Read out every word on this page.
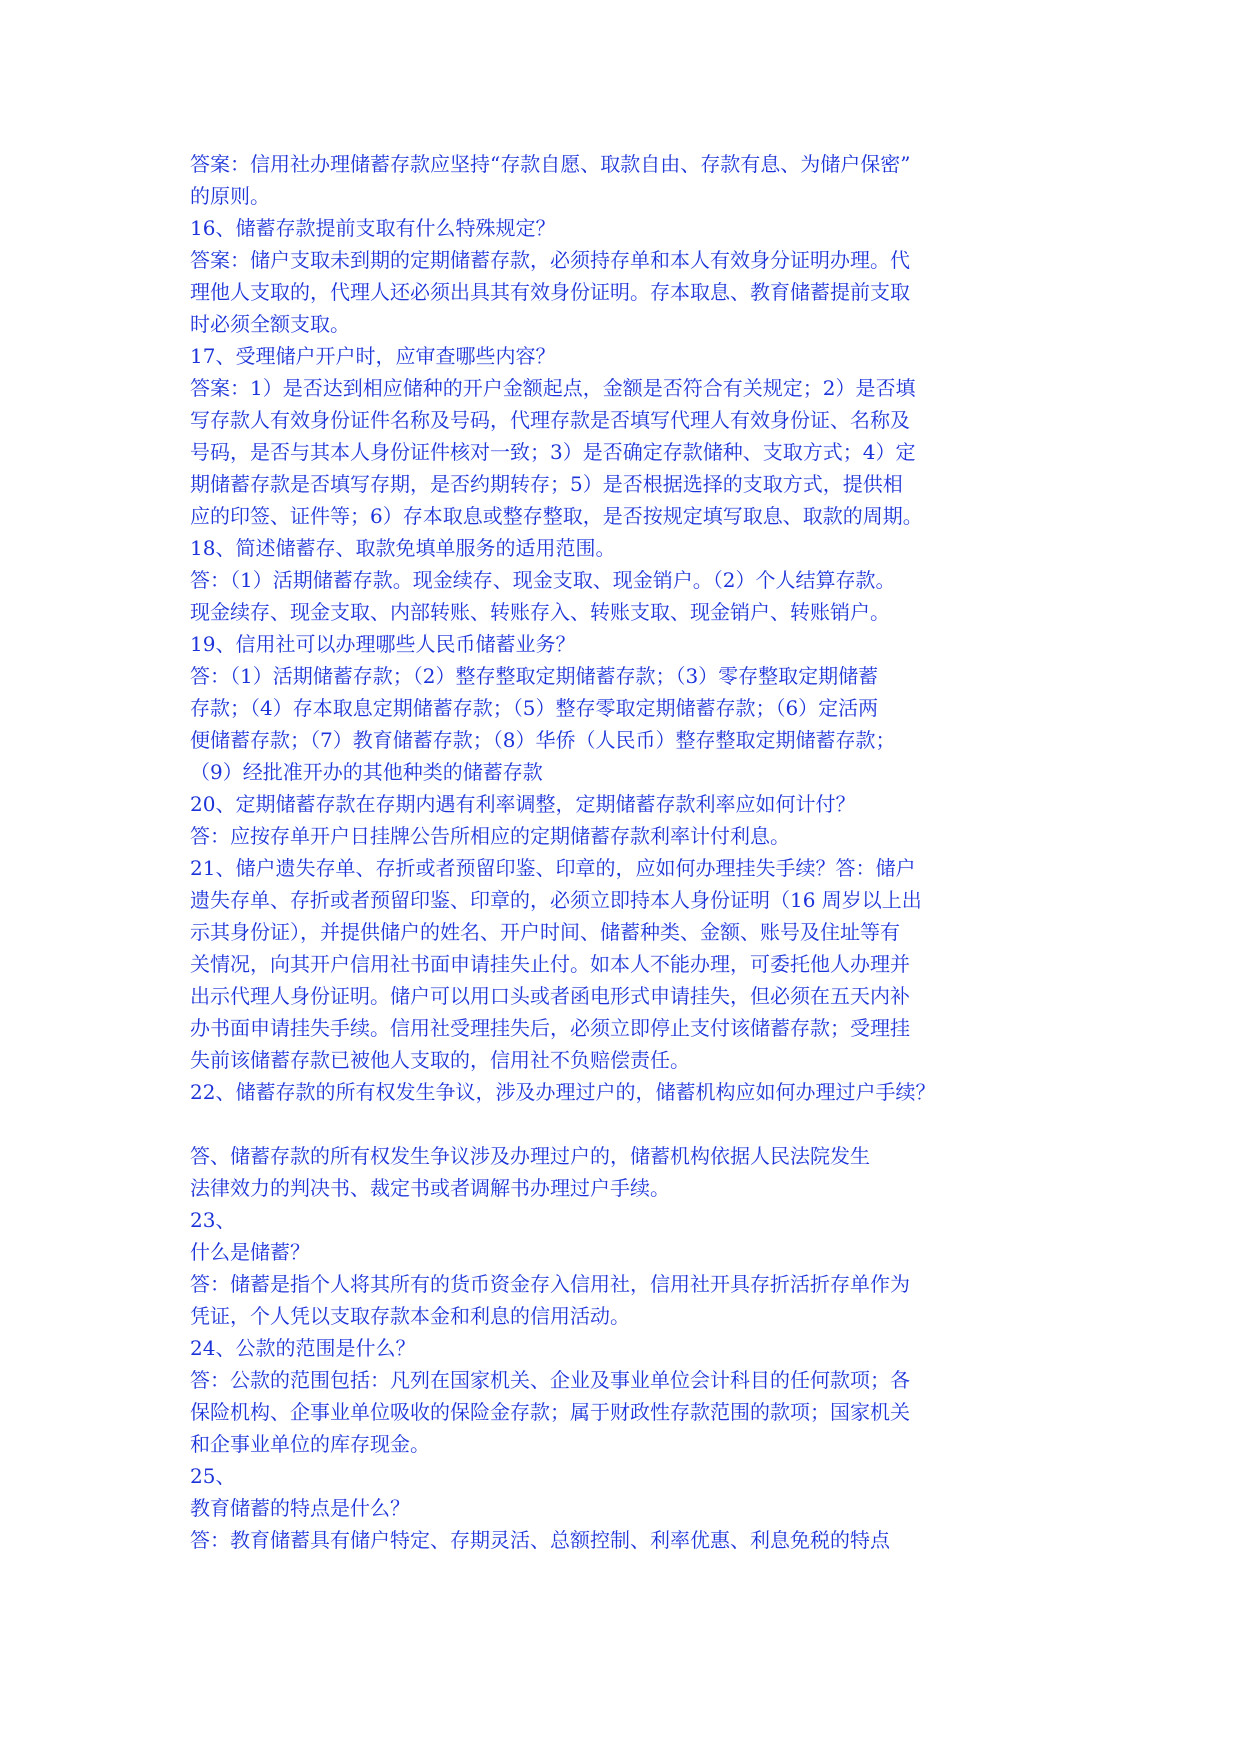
答案：信用社办理储蓄存款应坚持“存款自愿、取款自由、存款有息、为储户保密”

的原则。

16、储蓄存款提前支取有什么特殊规定？

答案：储户支取未到期的定期储蓄存款，必须持存单和本人有效身分证明办理。代

理他人支取的，代理人还必须出具其有效身份证明。存本取息、教育储蓄提前支取

时必须全额支取。

17、受理储户开户时，应审查哪些内容？

答案：1）是否达到相应储种的开户金额起点，金额是否符合有关规定；2）是否填

写存款人有效身份证件名称及号码，代理存款是否填写代理人有效身份证、名称及

号码，是否与其本人身份证件核对一致；3）是否确定存款储种、支取方式；4）定

期储蓄存款是否填写存期，是否约期转存；5）是否根据选择的支取方式，提供相

应的印签、证件等；6）存本取息或整存整取，是否按规定填写取息、取款的周期。

18、简述储蓄存、取款免填单服务的适用范围。

答：（1）活期储蓄存款。现金续存、现金支取、现金销户。（2）个人结算存款。

现金续存、现金支取、内部转账、转账存入、转账支取、现金销户、转账销户。

19、信用社可以办理哪些人民币储蓄业务？

答：（1）活期储蓄存款；（2）整存整取定期储蓄存款；（3）零存整取定期储蓄

存款；（4）存本取息定期储蓄存款；（5）整存零取定期储蓄存款；（6）定活两

便储蓄存款；（7）教育储蓄存款；（8）华侨（人民币）整存整取定期储蓄存款；

（9）经批准开办的其他种类的储蓄存款

20、定期储蓄存款在存期内遇有利率调整，定期储蓄存款利率应如何计付？

答：应按存单开户日挂牌公告所相应的定期储蓄存款利率计付利息。

21、储户遗失存单、存折或者预留印鉴、印章的，应如何办理挂失手续？答：储户

遗失存单、存折或者预留印鉴、印章的，必须立即持本人身份证明（16 周岁以上出

示其身份证），并提供储户的姓名、开户时间、储蓄种类、金额、账号及住址等有

关情况，向其开户信用社书面申请挂失止付。如本人不能办理，可委托他人办理并

出示代理人身份证明。储户可以用口头或者函电形式申请挂失，但必须在五天内补

办书面申请挂失手续。信用社受理挂失后，必须立即停止支付该储蓄存款；受理挂

失前该储蓄存款已被他人支取的，信用社不负赔偿责任。

22、储蓄存款的所有权发生争议，涉及办理过户的，储蓄机构应如何办理过户手续？

答、储蓄存款的所有权发生争议涉及办理过户的，储蓄机构依据人民法院发生

法律效力的判决书、裁定书或者调解书办理过户手续。

23、

什么是储蓄？

答：储蓄是指个人将其所有的货币资金存入信用社，信用社开具存折活折存单作为

凭证，个人凭以支取存款本金和利息的信用活动。

24、公款的范围是什么？

答：公款的范围包括：凡列在国家机关、企业及事业单位会计科目的任何款项；各

保险机构、企事业单位吸收的保险金存款；属于财政性存款范围的款项；国家机关

和企事业单位的库存现金。

25、

教育储蓄的特点是什么？

答：教育储蓄具有储户特定、存期灵活、总额控制、利率优惠、利息免税的特点
